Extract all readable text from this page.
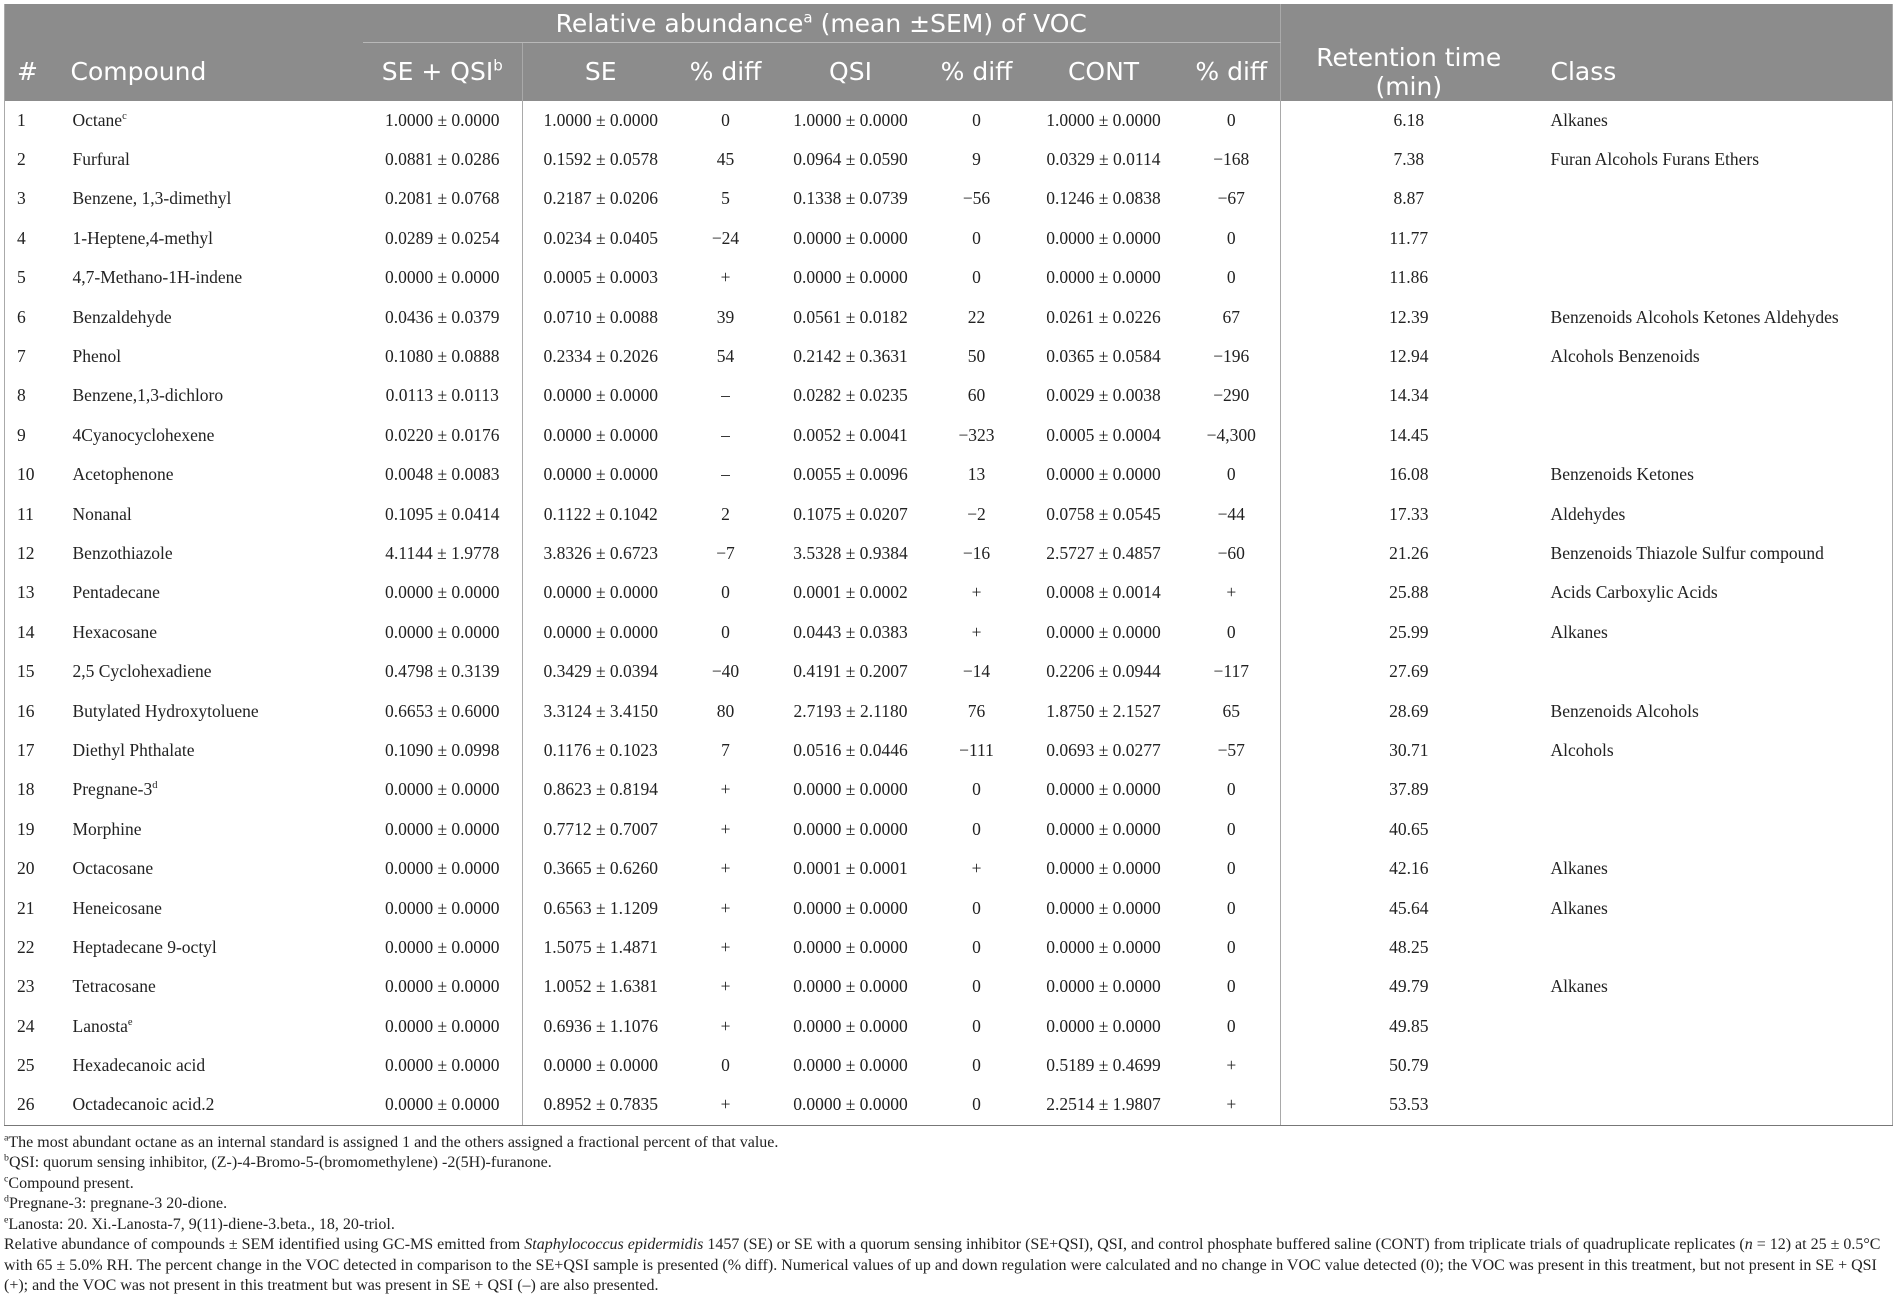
		Relative abundance$^a$ (mean ±SEM) of VOC								
#	Compound	SE + $QSI^b$	SE	% diff	QSI	% diff	CONT	% diff	Retention time (min)	Class
1	Octane$^c$	1.0000 ± 0.0000	1.0000 ± 0.0000	0	1.0000 ± 0.0000	0	1.0000 ± 0.0000	0	6.18	Alkanes
2	Furfural	0.0881 ± 0.0286	0.1592 ± 0.0578	45	0.0964 ± 0.0590	9	0.0329 ± 0.0114	−168	7.38	Furan Alcohols Furans Ethers
3	Benzene, 1,3-dimethyl	0.2081 ± 0.0768	0.2187 ± 0.0206	5	0.1338 ± 0.0739	−56	0.1246 ± 0.0838	−67	8.87	
4	1-Heptene,4-methyl	0.0289 ± 0.0254	0.0234 ± 0.0405	−24	0.0000 ± 0.0000	0	0.0000 ± 0.0000	0	11.77	
5	4,7-Methano-1H-indene	0.0000 ± 0.0000	0.0005 ± 0.0003	+	0.0000 ± 0.0000	0	0.0000 ± 0.0000	0	11.86	
6	Benzaldehyde	0.0436 ± 0.0379	0.0710 ± 0.0088	39	0.0561 ± 0.0182	22	0.0261 ± 0.0226	67	12.39	Benzenoids Alcohols Ketones Aldehydes
7	Phenol	0.1080 ± 0.0888	0.2334 ± 0.2026	54	0.2142 ± 0.3631	50	0.0365 ± 0.0584	−196	12.94	Alcohols Benzenoids
8	Benzene,1,3-dichloro	0.0113 ± 0.0113	0.0000 ± 0.0000	–	0.0282 ± 0.0235	60	0.0029 ± 0.0038	−290	14.34	
9	4Cyanocyclohexene	0.0220 ± 0.0176	0.0000 ± 0.0000	–	0.0052 ± 0.0041	−323	0.0005 ± 0.0004	−4,300	14.45	
10	Acetophenone	0.0048 ± 0.0083	0.0000 ± 0.0000	–	0.0055 ± 0.0096	13	0.0000 ± 0.0000	0	16.08	Benzenoids Ketones
11	Nonanal	0.1095 ± 0.0414	0.1122 ± 0.1042	2	0.1075 ± 0.0207	−2	0.0758 ± 0.0545	−44	17.33	Aldehydes
12	Benzothiazole	4.1144 ± 1.9778	3.8326 ± 0.6723	−7	3.5328 ± 0.9384	−16	2.5727 ± 0.4857	−60	21.26	Benzenoids Thiazole Sulfur compound
13	Pentadecane	0.0000 ± 0.0000	0.0000 ± 0.0000	0	0.0001 ± 0.0002	+	0.0008 ± 0.0014	+	25.88	Acids Carboxylic Acids
14	Hexacosane	0.0000 ± 0.0000	0.0000 ± 0.0000	0	0.0443 ± 0.0383	+	0.0000 ± 0.0000	0	25.99	Alkanes
15	2,5 Cyclohexadiene	0.4798 ± 0.3139	0.3429 ± 0.0394	−40	0.4191 ± 0.2007	−14	0.2206 ± 0.0944	−117	27.69	
16	Butylated Hydroxytoluene	0.6653 ± 0.6000	3.3124 ± 3.4150	80	2.7193 ± 2.1180	76	1.8750 ± 2.1527	65	28.69	Benzenoids Alcohols
17	Diethyl Phthalate	0.1090 ± 0.0998	0.1176 ± 0.1023	7	0.0516 ± 0.0446	−111	0.0693 ± 0.0277	−57	30.71	Alcohols
18	Pregnane-3$^d$	0.0000 ± 0.0000	0.8623 ± 0.8194	+	0.0000 ± 0.0000	0	0.0000 ± 0.0000	0	37.89	
19	Morphine	0.0000 ± 0.0000	0.7712 ± 0.7007	+	0.0000 ± 0.0000	0	0.0000 ± 0.0000	0	40.65	
20	Octacosane	0.0000 ± 0.0000	0.3665 ± 0.6260	+	0.0001 ± 0.0001	+	0.0000 ± 0.0000	0	42.16	Alkanes
21	Heneicosane	0.0000 ± 0.0000	0.6563 ± 1.1209	+	0.0000 ± 0.0000	0	0.0000 ± 0.0000	0	45.64	Alkanes
22	Heptadecane 9-octyl	0.0000 ± 0.0000	1.5075 ± 1.4871	+	0.0000 ± 0.0000	0	0.0000 ± 0.0000	0	48.25	
23	Tetracosane	0.0000 ± 0.0000	1.0052 ± 1.6381	+	0.0000 ± 0.0000	0	0.0000 ± 0.0000	0	49.79	Alkanes
24	Lanosta$^e$	0.0000 ± 0.0000	0.6936 ± 1.1076	+	0.0000 ± 0.0000	0	0.0000 ± 0.0000	0	49.85	
25	Hexadecanoic acid	0.0000 ± 0.0000	0.0000 ± 0.0000	0	0.0000 ± 0.0000	0	0.5189 ± 0.4699	+	50.79	
26	Octadecanoic acid.2	0.0000 ± 0.0000	0.8952 ± 0.7835	+	0.0000 ± 0.0000	0	2.2514 ± 1.9807	+	53.53	
$^a$The most abundant octane as an internal standard is assigned 1 and the others assigned a fractional percent of that value.
$^b$QSI: quorum sensing inhibitor, (Z-)-4-Bromo-5-(bromomethylene) -2(5H)-furanone.
$^c$Compound present.
$^d$Pregnane-3: pregnane-3 20-dione.
$^e$Lanosta: 20. Xi.-Lanosta-7, 9(11)-diene-3.beta., 18, 20-triol.
Relative abundance of compounds ± SEM identified using GC-MS emitted from Staphylococcus epidermidis 1457 (SE) or SE with a quorum sensing inhibitor (SE+QSI), QSI, and control phosphate buffered saline (CONT) from triplicate trials of quadruplicate replicates (n = 12) at 25 ± 0.5°C with 65 ± 5.0% RH. The percent change in the VOC detected in comparison to the SE+QSI sample is presented (% diff). Numerical values of up and down regulation were calculated and no change in VOC value detected (0); the VOC was present in this treatment, but not present in SE + QSI (+); and the VOC was not present in this treatment but was present in SE + QSI (–) are also presented.
